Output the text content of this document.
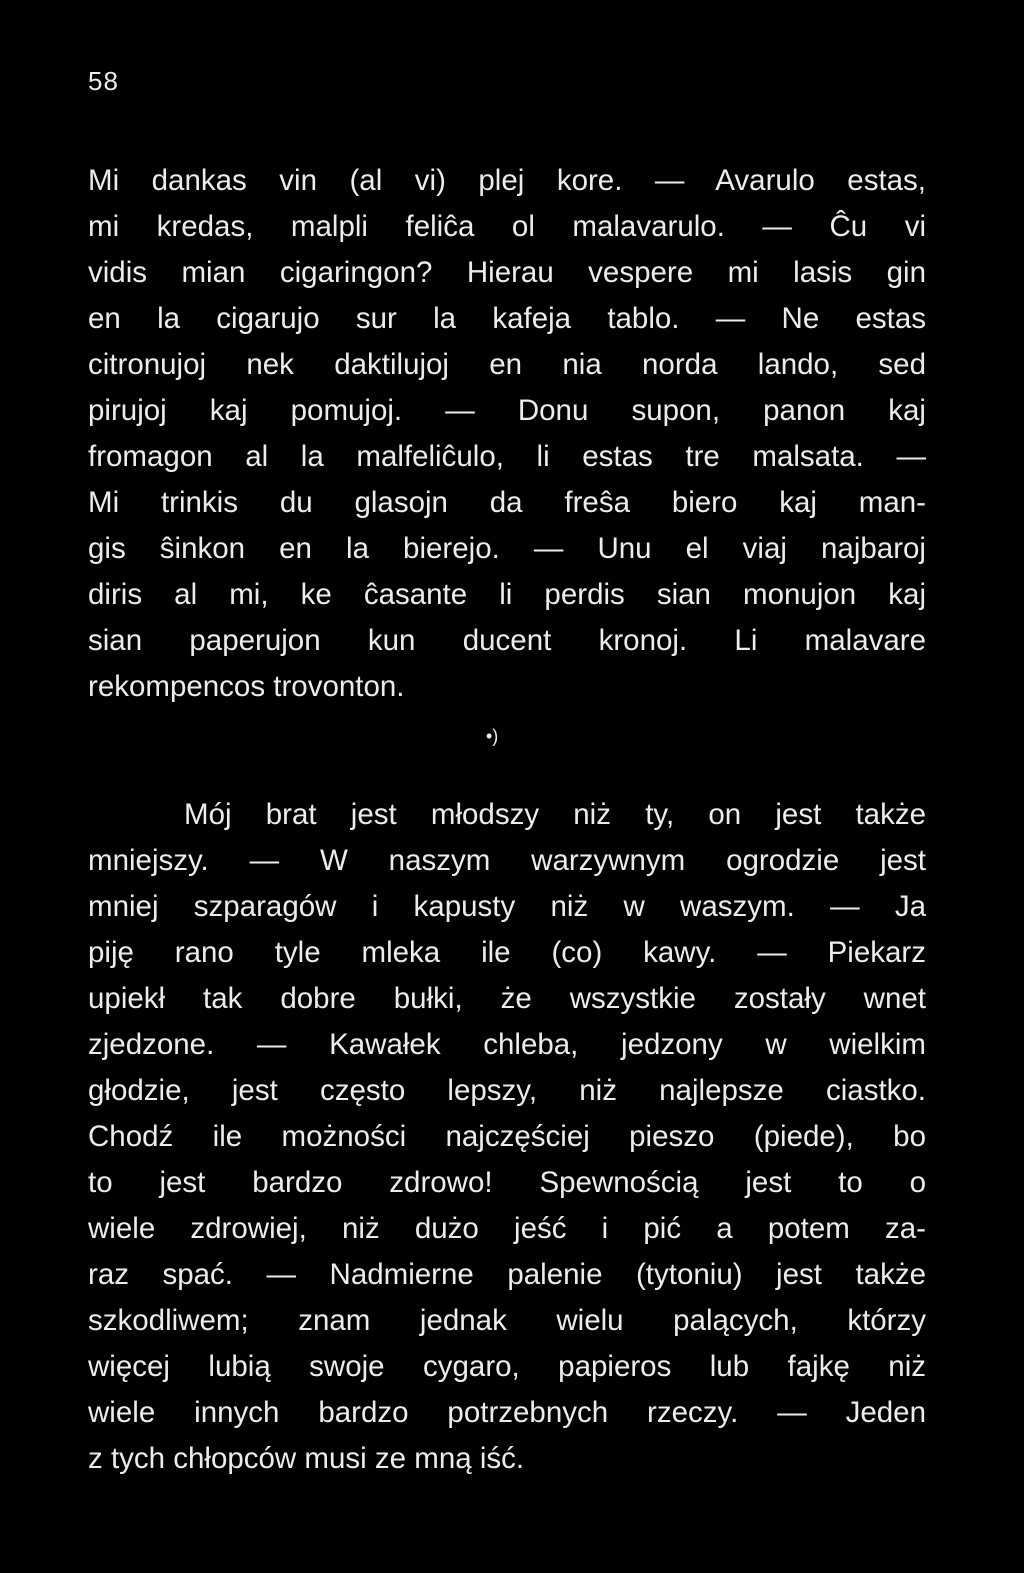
58
Mi dankas vin (al vi) plej kore. — Avarulo estas,
mi kredas, malpli feliĉa ol malavarulo. — Ĉu vi
vidis mian cigaringon? Hierau vespere mi lasis gin
en la cigarujo sur la kafeja tablo. — Ne estas
citronujoj nek daktilujoj en nia norda lando, sed
pirujoj kaj pomujoj. — Donu supon, panon kaj
fromagon al la malfeliĉulo, li estas tre malsata. —
Mi trinkis du glasojn da freŝa biero kaj man-
gis ŝinkon en la bierejo. — Unu el viaj najbaroj
diris al mi, ke ĉasante li perdis sian monujon kaj
sian paperujon kun ducent kronoj. Li malavare
rekompencos trovonton.
•)
Mój brat jest młodszy niż ty, on jest także
mniejszy. — W naszym warzywnym ogrodzie jest
mniej szparagów i kapusty niż w waszym. — Ja
piję rano tyle mleka ile (co) kawy. — Piekarz
upiekł tak dobre bułki, że wszystkie zostały wnet
zjedzone. — Kawałek chleba, jedzony w wielkim
głodzie, jest często lepszy, niż najlepsze ciastko.
Chodź ile możności najczęściej pieszo (piede), bo
to jest bardzo zdrowo! Spewnością jest to o
wiele zdrowiej, niż dużo jeść i pić a potem za-
raz spać. — Nadmierne palenie (tytoniu) jest także
szkodliwem; znam jednak wielu palących, którzy
więcej lubią swoje cygaro, papieros lub fajkę niż
wiele innych bardzo potrzebnych rzeczy. — Jeden
z tych chłopców musi ze mną iść.
